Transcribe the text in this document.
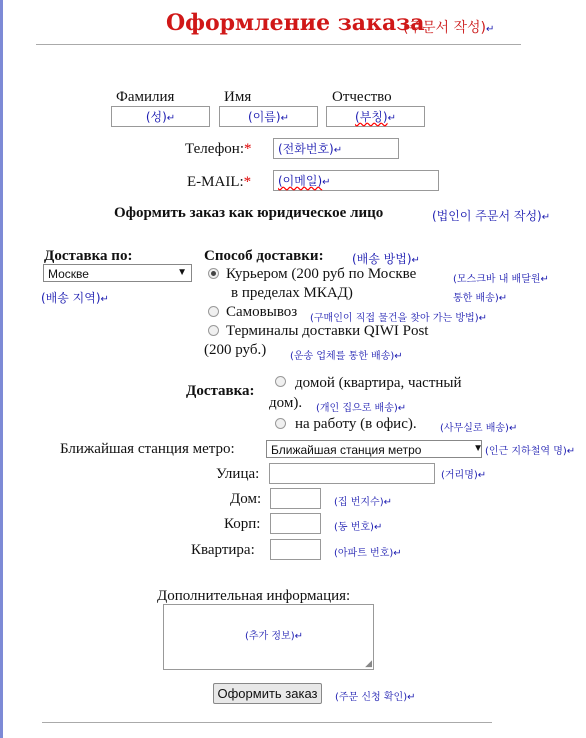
Оформление заказа
(주문서 작성)↵
Фамилия	Имя	Отчество
(성)↵	(이름)↵	(부칭)↵
Телефон:*	(전화번호)↵
E-MAIL:*	(이메일)↵
Оформить заказ как юридическое лицо	(법인이 주문서 작성)↵
Доставка по:
Москве	▼
(배송 지역)↵
Способ доставки: (배송 방법)↵
Курьером (200 руб по Москве
в пределах МКАД)
(모스크바 내 배달원↵
통한 배송)↵
Самовывоз (구매인이 직접 물건을 찾아 가는 방법)↵
Терминалы доставки QIWI Post
(200 руб.) (운송 업체를 통한 배송)↵
Доставка:	домой (квартира, частный
дом). (개인 집으로 배송)↵
на работу (в офис). (사무실로 배송)↵
Ближайшая станция метро:	Ближайшая станция метро	▼ (인근 지하철역 명)↵
Улица:	(거리명)↵
Дом:	(집 번지수)↵
Корп:	(동 번호)↵
Квартира:	(아파트 번호)↵
Дополнительная информация:
(추가 정보)↵
◢
Оформить заказ	(주문 신청 확인)↵
